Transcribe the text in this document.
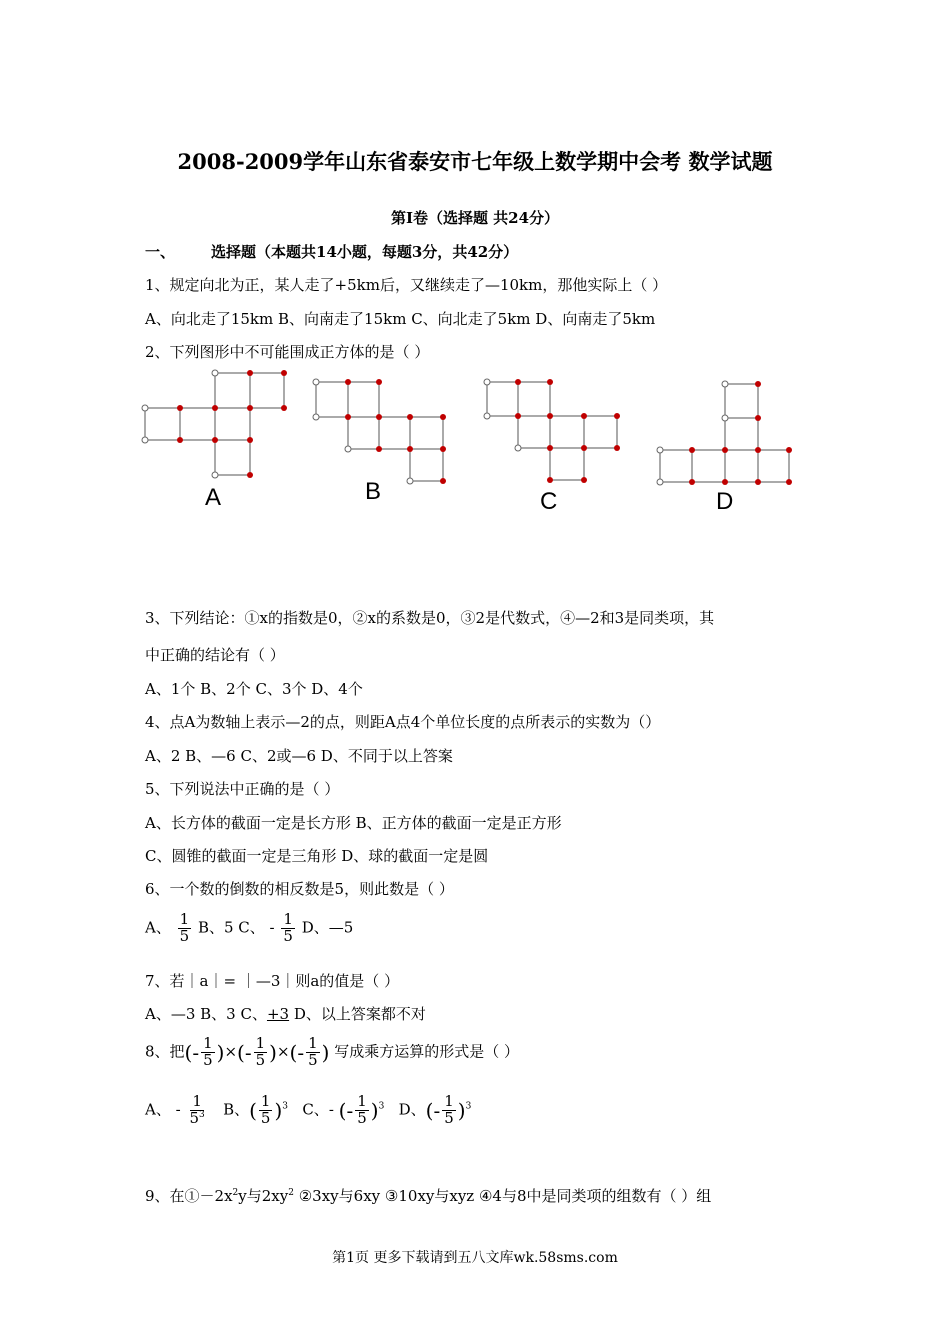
2008-2009学年山东省泰安市七年级上数学期中会考 数学试题
第Ⅰ卷（选择题 共24分）
一、 选择题（本题共14小题，每题3分，共42分）
1、规定向北为正，某人走了+5km后，又继续走了—10km，那他实际上（ ）
A、向北走了15km B、向南走了15km C、向北走了5km D、向南走了5km
2、下列图形中不可能围成正方体的是（ ）
A	B	C	D
3、下列结论：①x的指数是0，②x的系数是0，③2是代数式，④—2和3是同类项，其
中正确的结论有（ ）
A、1个 B、2个 C、3个 D、4个
4、点A为数轴上表示—2的点，则距A点4个单位长度的点所表示的实数为（）
A、2 B、—6 C、2或—6 D、不同于以上答案
5、下列说法中正确的是（ ）
A、长方体的截面一定是长方形 B、正方体的截面一定是正方形
C、圆锥的截面一定是三角形 D、球的截面一定是圆
6、一个数的倒数的相反数是5，则此数是（ ）
A、 $\frac{1}{5}$ B、5 C、 - $\frac{1}{5}$ D、—5
7、若｜a｜= ｜—3｜则a的值是（ ）
A、—3 B、3 C、+3 D、以上答案都不对
8、把(- $\frac{1}{5}$ )×(- $\frac{1}{5}$ )×(- $\frac{1}{5}$ ) 写成乘方运算的形式是（ ）
A、 - $\frac{1}{5^3}$ B、( $\frac{1}{5} )^3$ C、- (- $\frac{1}{5} )^3$ D、(- $\frac{1}{5} )^3$
9、在$①-2x^2y$与$2xy^2$ ②3xy与6xy ③10xy与xyz ④4与8中是同类项的组数有（ ）组
第1页 更多下载请到五八文库wk.58sms.com
